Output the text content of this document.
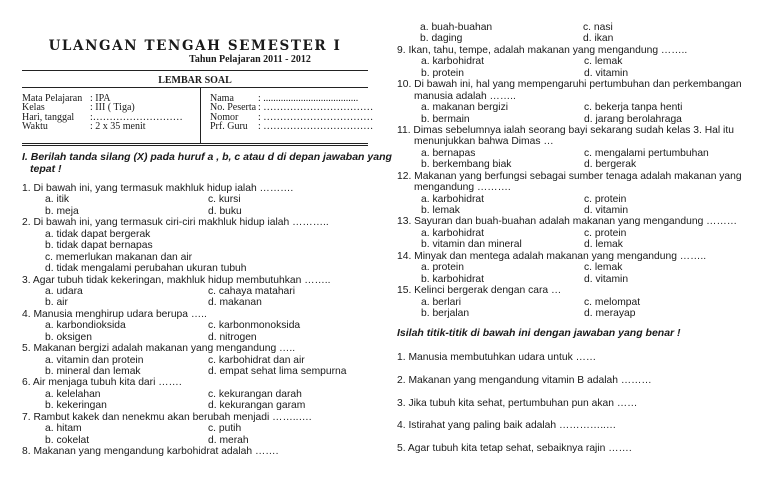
ULANGAN TENGAH SEMESTER I
Tahun Pelajaran 2011 - 2012
LEMBAR SOAL
Mata Pelajaran : IPA
Kelas	: III ( Tiga)
Hari, tanggal :………………………
Waktu	: 2 x 35 menit
Nama : ......................................
No. Peserta : ……………………………
Nomor : ……………………………
Prf. Guru : ……………………………
I. Berilah tanda silang (X) pada huruf a , b, c atau d di depan jawaban yang
tepat !
1. Di bawah ini, yang termasuk makhluk hidup ialah ……….
a. itik	c. kursi
b. meja	d. buku
2. Di bawah ini, yang termasuk ciri-ciri makhluk hidup ialah ………..
a. tidak dapat bergerak
b. tidak dapat bernapas
c. memerlukan makanan dan air
d. tidak mengalami perubahan ukuran tubuh
3. Agar tubuh tidak kekeringan, makhluk hidup membutuhkan ……..
a. udara	c. cahaya matahari
b. air	d. makanan
4. Manusia menghirup udara berupa …..
a. karbondioksida	c. karbonmonoksida
b. oksigen	d. nitrogen
5. Makanan bergizi adalah makanan yang mengandung …..
a. vitamin dan protein	c. karbohidrat dan air
b. mineral dan lemak	d. empat sehat lima sempurna
6. Air menjaga tubuh kita dari …….
a. kelelahan	c. kekurangan darah
b. kekeringan	d. kekurangan garam
7. Rambut kakek dan nenekmu akan berubah menjadi ……..….
a. hitam	c. putih
b. cokelat	d. merah
8. Makanan yang mengandung karbohidrat adalah …….
a. buah-buahan	c. nasi
b. daging	d. ikan
9. Ikan, tahu, tempe, adalah makanan yang mengandung ……..
a. karbohidrat	c. lemak
b. protein	d. vitamin
10. Di bawah ini, hal yang mempengaruhi pertumbuhan dan perkembangan
manusia adalah ……..
a. makanan bergizi	c. bekerja tanpa henti
b. bermain	d. jarang berolahraga
11. Dimas sebelumnya ialah seorang bayi sekarang sudah kelas 3. Hal itu
menunjukkan bahwa Dimas …
a. bernapas	c. mengalami pertumbuhan
b. berkembang biak	d. bergerak
12. Makanan yang berfungsi sebagai sumber tenaga adalah makanan yang
mengandung ……….
a. karbohidrat	c. protein
b. lemak	d. vitamin
13. Sayuran dan buah-buahan adalah makanan yang mengandung ………
a. karbohidrat	c. protein
b. vitamin dan mineral	d. lemak
14. Minyak dan mentega adalah makanan yang mengandung ……..
a. protein	c. lemak
b. karbohidrat	d. vitamin
15. Kelinci bergerak dengan cara …
a. berlari	c. melompat
b. berjalan	d. merayap
Isilah titik-titik di bawah ini dengan jawaban yang benar !
1. Manusia membutuhkan udara untuk ……
2. Makanan yang mengandung vitamin B adalah ………
3. Jika tubuh kita sehat, pertumbuhan pun akan ……
4. Istirahat yang paling baik adalah …………..…
5. Agar tubuh kita tetap sehat, sebaiknya rajin …….
